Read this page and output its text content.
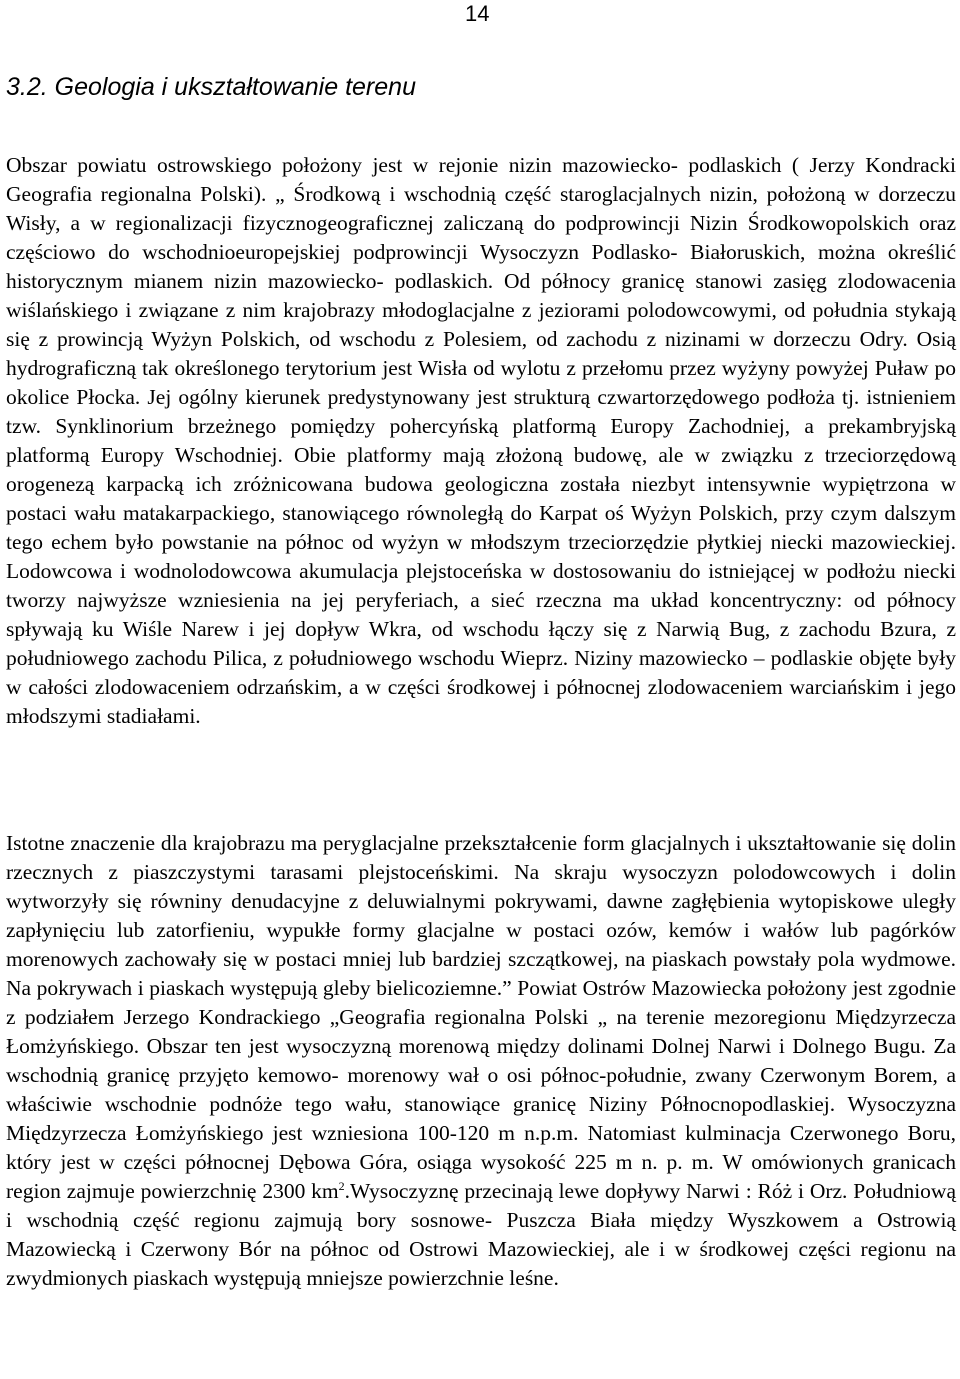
14
3.2. Geologia i ukształtowanie terenu

Obszar powiatu ostrowskiego położony jest w rejonie nizin mazowiecko- podlaskich ( Jerzy Kondracki Geografia regionalna Polski). „ Środkową i wschodnią część staroglacjalnych nizin, położoną w dorzeczu Wisły, a w regionalizacji fizycznogeograficznej zaliczaną do podprowincji Nizin Środkowopolskich oraz częściowo do wschodnioeuropejskiej podprowincji Wysoczyzn Podlasko- Białoruskich, można określić historycznym mianem nizin mazowiecko- podlaskich. Od północy granicę stanowi zasięg zlodowacenia wiślańskiego i związane z nim krajobrazy młodoglacjalne z jeziorami polodowcowymi, od południa stykają się z prowincją Wyżyn Polskich, od wschodu z Polesiem, od zachodu z nizinami w dorzeczu Odry. Osią hydrograficzną tak określonego terytorium jest Wisła od wylotu z przełomu przez wyżyny powyżej Puław po okolice Płocka. Jej ogólny kierunek predystynowany jest strukturą czwartorzędowego podłoża tj. istnieniem tzw. Synklinorium brzeżnego pomiędzy pohercyńską platformą Europy Zachodniej, a prekambryjską platformą Europy Wschodniej. Obie platformy mają złożoną budowę, ale w związku z trzeciorzędową orogenezą karpacką ich zróżnicowana budowa geologiczna została niezbyt intensywnie wypiętrzona w postaci wału matakarpackiego, stanowiącego równoległą do Karpat oś Wyżyn Polskich, przy czym dalszym tego echem było powstanie na północ od wyżyn w młodszym trzeciorzędzie płytkiej niecki mazowieckiej. Lodowcowa i wodnolodowcowa akumulacja plejstoceńska w dostosowaniu do istniejącej w podłożu niecki tworzy najwyższe wzniesienia na jej peryferiach, a sieć rzeczna ma układ koncentryczny: od północy spływają ku Wiśle Narew i jej dopływ Wkra, od wschodu łączy się z Narwią Bug, z zachodu Bzura, z południowego zachodu Pilica, z południowego wschodu Wieprz. Niziny mazowiecko – podlaskie objęte były w całości zlodowaceniem odrzańskim, a w części środkowej i północnej zlodowaceniem warciańskim i jego młodszymi stadiałami.

Istotne znaczenie dla krajobrazu ma peryglacjalne przekształcenie form glacjalnych i ukształtowanie się dolin rzecznych z piaszczystymi tarasami plejstoceńskimi. Na skraju wysoczyzn polodowcowych i dolin wytworzyły się równiny denudacyjne z deluwialnymi pokrywami, dawne zagłębienia wytopiskowe uległy zapłynięciu lub zatorfieniu, wypukłe formy glacjalne w postaci ozów, kemów i wałów lub pagórków morenowych zachowały się w postaci mniej lub bardziej szczątkowej, na piaskach powstały pola wydmowe. Na pokrywach i piaskach występują gleby bielicoziemne.” Powiat Ostrów Mazowiecka położony jest zgodnie z podziałem Jerzego Kondrackiego „Geografia regionalna Polski „ na terenie mezoregionu Międzyrzecza Łomżyńskiego. Obszar ten jest wysoczyzną morenową między dolinami Dolnej Narwi i Dolnego Bugu. Za wschodnią granicę przyjęto kemowo- morenowy wał o osi północ-południe, zwany Czerwonym Borem, a właściwie wschodnie podnóże tego wału, stanowiące granicę Niziny Północnopodlaskiej. Wysoczyzna Międzyrzecza Łomżyńskiego jest wzniesiona 100-120 m n.p.m. Natomiast kulminacja Czerwonego Boru, który jest w części północnej Dębowa Góra, osiąga wysokość 225 m n. p. m. W omówionych granicach region zajmuje powierzchnię 2300 $km^2.Wysoczyznę$ przecinają lewe dopływy Narwi : Róż i Orz. Południową i wschodnią część regionu zajmują bory sosnowe- Puszcza Biała między Wyszkowem a Ostrowią Mazowiecką i Czerwony Bór na północ od Ostrowi Mazowieckiej, ale i w środkowej części regionu na zwydmionych piaskach występują mniejsze powierzchnie leśne.
